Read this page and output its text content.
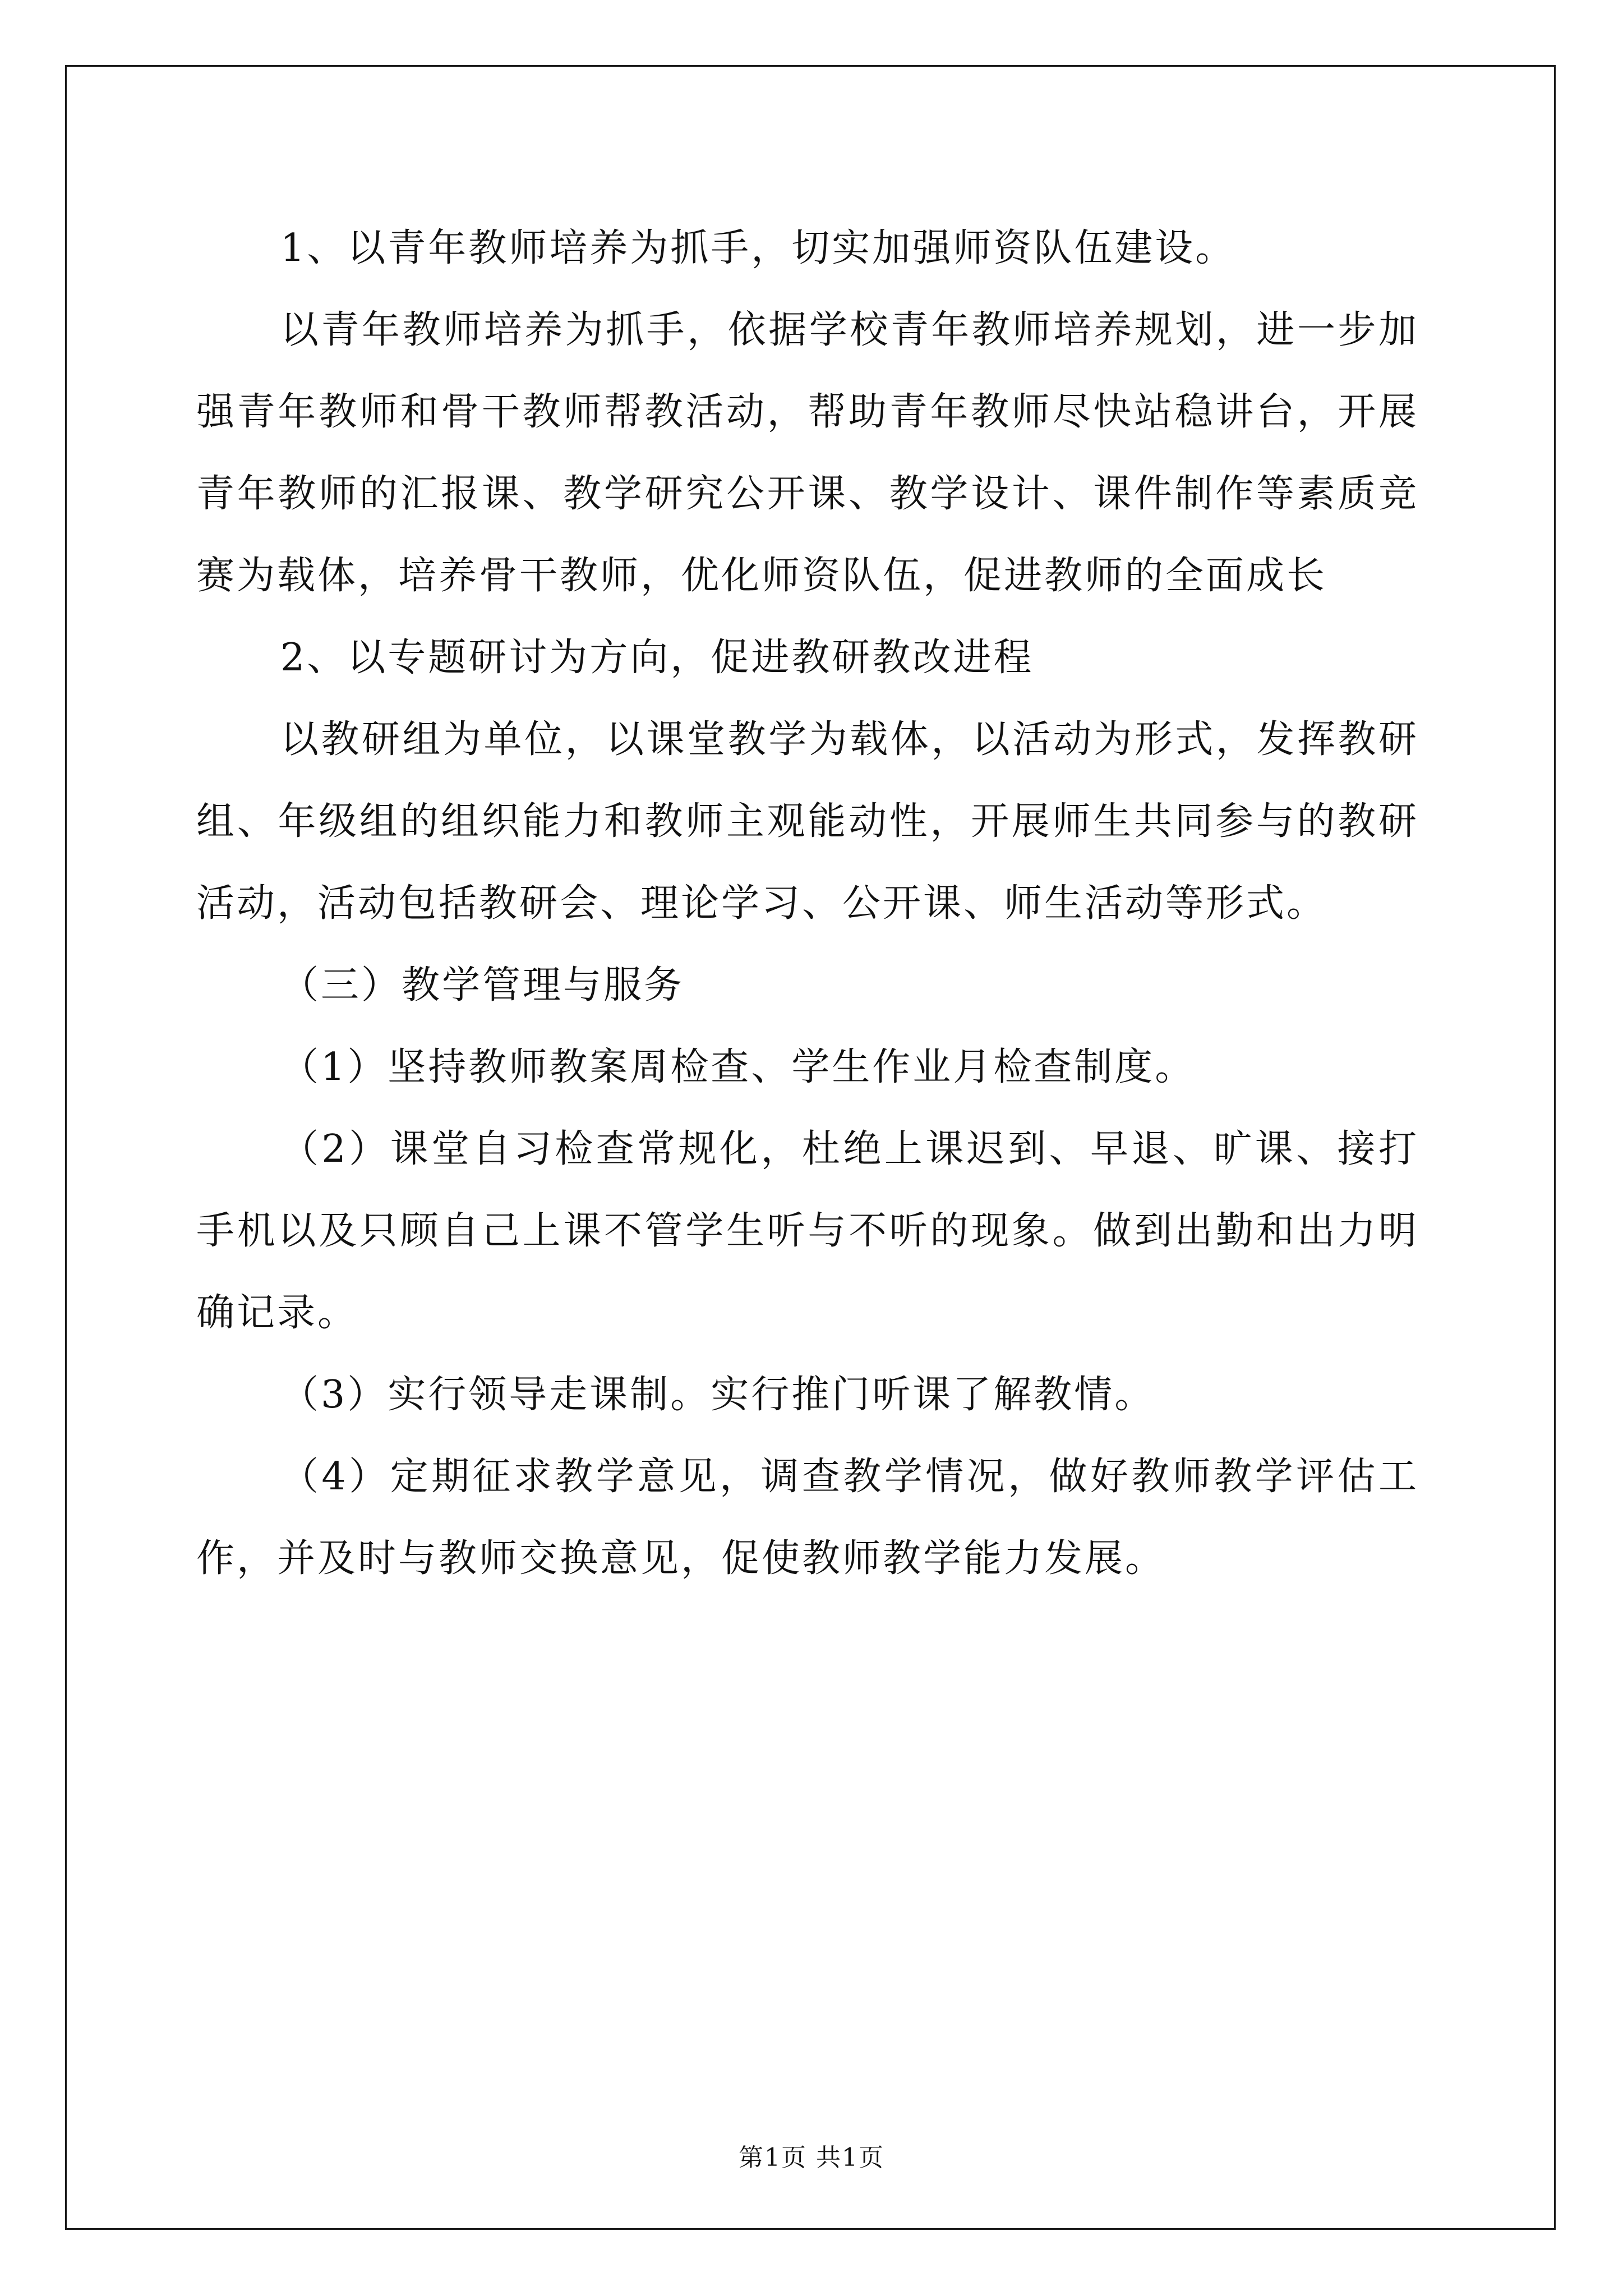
1、以青年教师培养为抓手，切实加强师资队伍建设。

以青年教师培养为抓手，依据学校青年教师培养规划，进一步加强青年教师和骨干教师帮教活动，帮助青年教师尽快站稳讲台，开展青年教师的汇报课、教学研究公开课、教学设计、课件制作等素质竞赛为载体，培养骨干教师，优化师资队伍，促进教师的全面成长

2、以专题研讨为方向，促进教研教改进程

以教研组为单位，以课堂教学为载体，以活动为形式，发挥教研组、年级组的组织能力和教师主观能动性，开展师生共同参与的教研活动，活动包括教研会、理论学习、公开课、师生活动等形式。

（三）教学管理与服务

（1）坚持教师教案周检查、学生作业月检查制度。

（2）课堂自习检查常规化，杜绝上课迟到、早退、旷课、接打手机以及只顾自己上课不管学生听与不听的现象。做到出勤和出力明确记录。

（3）实行领导走课制。实行推门听课了解教情。

（4）定期征求教学意见，调查教学情况，做好教师教学评估工作，并及时与教师交换意见，促使教师教学能力发展。

第1页 共1页
